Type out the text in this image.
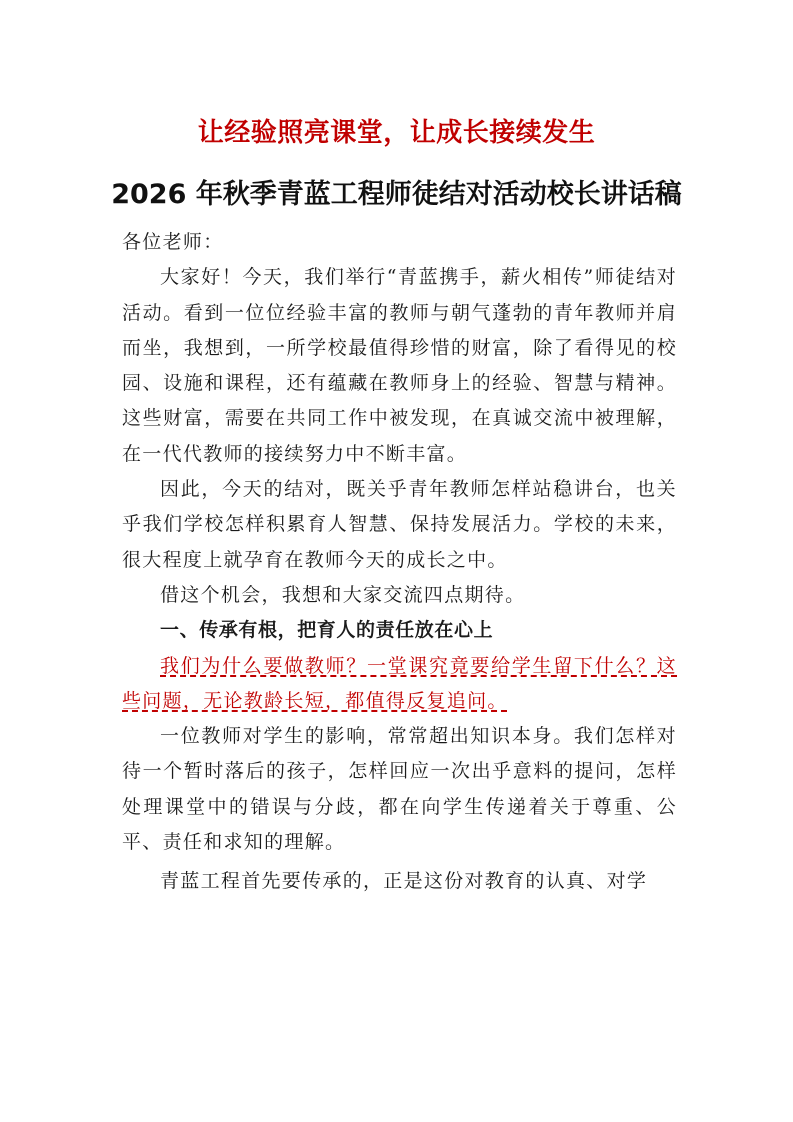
让经验照亮课堂，让成长接续发生
2026 年秋季青蓝工程师徒结对活动校长讲话稿

各位老师：

大家好！今天，我们举行“青蓝携手，薪火相传”师徒结对活动。看到一位位经验丰富的教师与朝气蓬勃的青年教师并肩而坐，我想到，一所学校最值得珍惜的财富，除了看得见的校园、设施和课程，还有蕴藏在教师身上的经验、智慧与精神。这些财富，需要在共同工作中被发现，在真诚交流中被理解，在一代代教师的接续努力中不断丰富。

因此，今天的结对，既关乎青年教师怎样站稳讲台，也关乎我们学校怎样积累育人智慧、保持发展活力。学校的未来，很大程度上就孕育在教师今天的成长之中。

借这个机会，我想和大家交流四点期待。

一、传承有根，把育人的责任放在心上

我们为什么要做教师？一堂课究竟要给学生留下什么？这些问题，无论教龄长短，都值得反复追问。

一位教师对学生的影响，常常超出知识本身。我们怎样对待一个暂时落后的孩子，怎样回应一次出乎意料的提问，怎样处理课堂中的错误与分歧，都在向学生传递着关于尊重、公平、责任和求知的理解。

青蓝工程首先要传承的，正是这份对教育的认真、对学
